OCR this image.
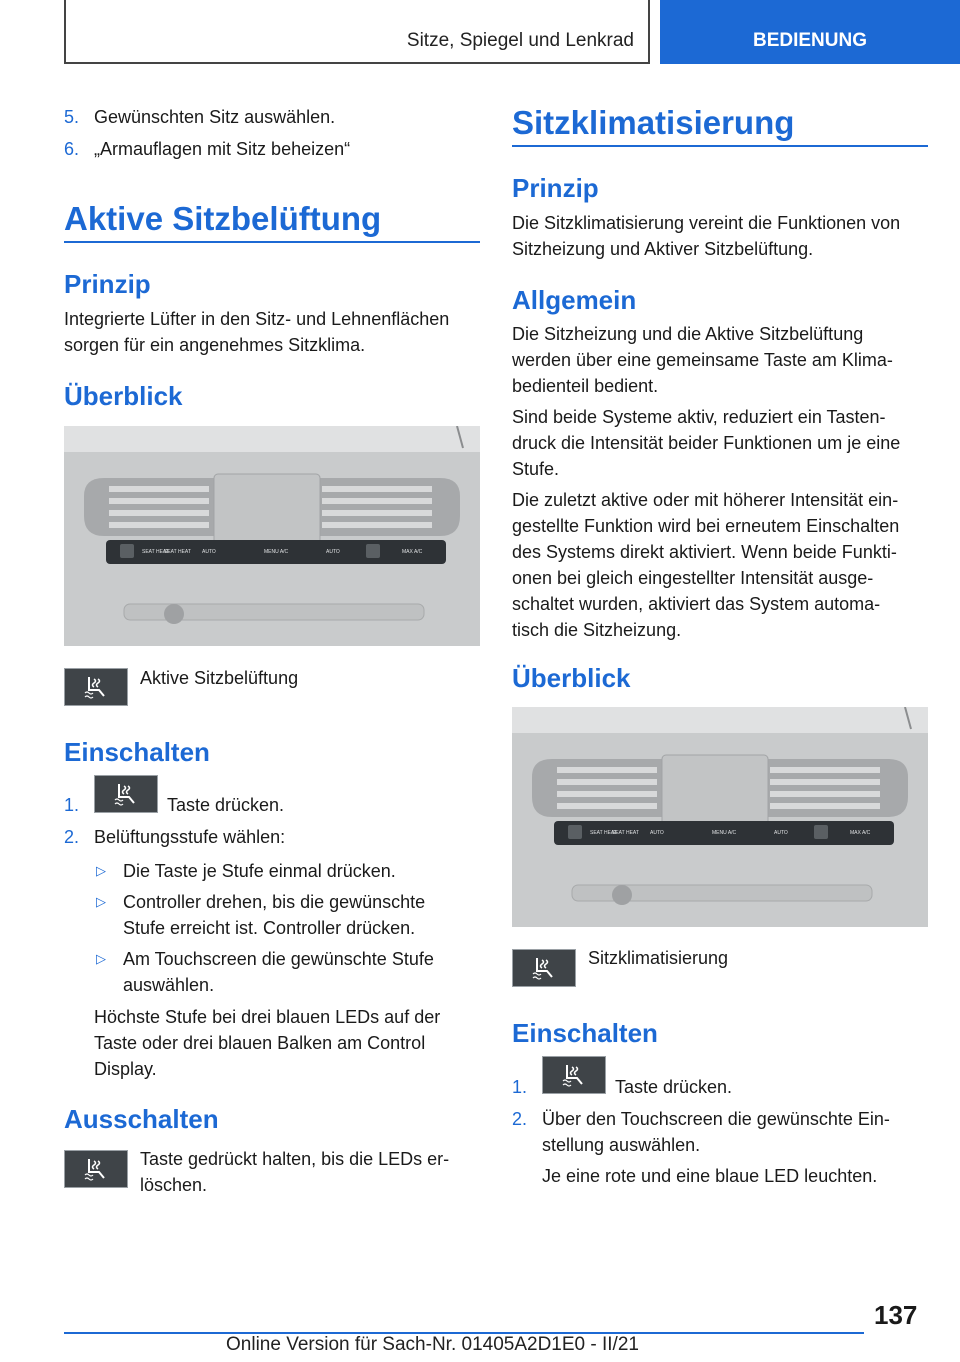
Sitze, Spiegel und Lenkrad	BEDIENUNG
5. Gewünschten Sitz auswählen.
6. „Armauflagen mit Sitz beheizen“
Aktive Sitzbelüftung
Prinzip
Integrierte Lüfter in den Sitz- und Lehnenflächen
sorgen für ein angenehmes Sitzklima.
Überblick
SEAT HEAT
SEAT HEAT AUTO	MENU A/C	AUTO	MAX A/C
Aktive Sitzbelüftung
Einschalten
1.	Taste drücken.
2. Belüftungsstufe wählen:
▷ Die Taste je Stufe einmal drücken.
▷ Controller drehen, bis die gewünschte
Stufe erreicht ist. Controller drücken.
▷ Am Touchscreen die gewünschte Stufe
auswählen.
Höchste Stufe bei drei blauen LEDs auf der
Taste oder drei blauen Balken am Control
Display.
Ausschalten
Taste gedrückt halten, bis die LEDs er-
löschen.
Sitzklimatisierung
Prinzip
Die Sitzklimatisierung vereint die Funktionen von
Sitzheizung und Aktiver Sitzbelüftung.
Allgemein
Die Sitzheizung und die Aktive Sitzbelüftung
werden über eine gemeinsame Taste am Klima-
bedienteil bedient.
Sind beide Systeme aktiv, reduziert ein Tasten-
druck die Intensität beider Funktionen um je eine
Stufe.
Die zuletzt aktive oder mit höherer Intensität ein-
gestellte Funktion wird bei erneutem Einschalten
des Systems direkt aktiviert. Wenn beide Funkti-
onen bei gleich eingestellter Intensität ausge-
schaltet wurden, aktiviert das System automa-
tisch die Sitzheizung.
Überblick
SEAT HEAT
SEAT HEAT AUTO	MENU A/C	AUTO	MAX A/C
Sitzklimatisierung
Einschalten
1.	Taste drücken.
2. Über den Touchscreen die gewünschte Ein-
stellung auswählen.
Je eine rote und eine blaue LED leuchten.
137
Online Version für Sach-Nr. 01405A2D1E0 - II/21
